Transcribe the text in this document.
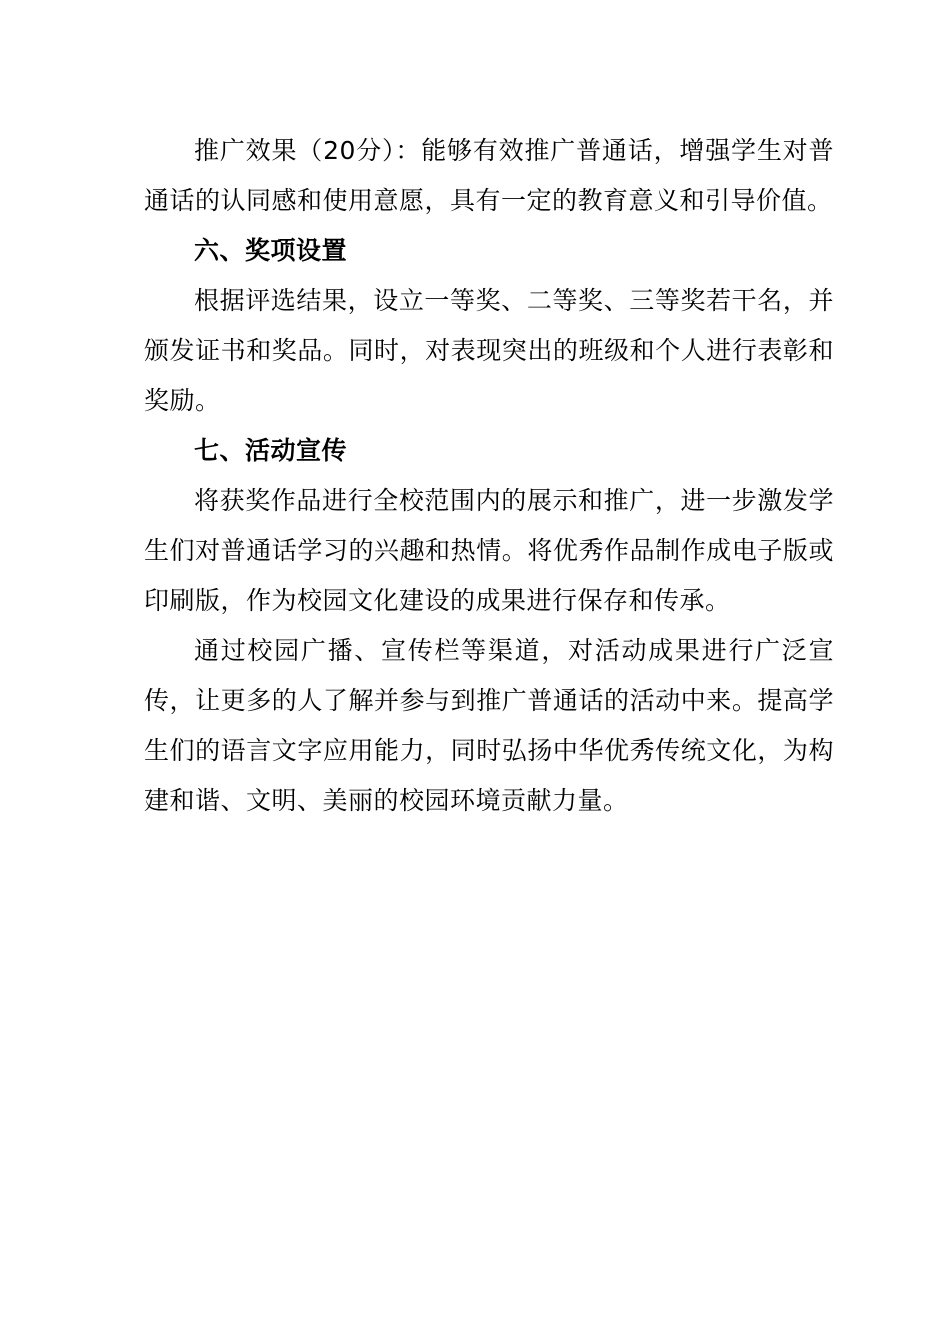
推广效果（20分）：能够有效推广普通话，增强学生对普通话的认同感和使用意愿，具有一定的教育意义和引导价值。

六、奖项设置

根据评选结果，设立一等奖、二等奖、三等奖若干名，并颁发证书和奖品。同时，对表现突出的班级和个人进行表彰和奖励。

七、活动宣传

将获奖作品进行全校范围内的展示和推广，进一步激发学生们对普通话学习的兴趣和热情。将优秀作品制作成电子版或印刷版，作为校园文化建设的成果进行保存和传承。

通过校园广播、宣传栏等渠道，对活动成果进行广泛宣传，让更多的人了解并参与到推广普通话的活动中来。提高学生们的语言文字应用能力，同时弘扬中华优秀传统文化，为构建和谐、文明、美丽的校园环境贡献力量。
